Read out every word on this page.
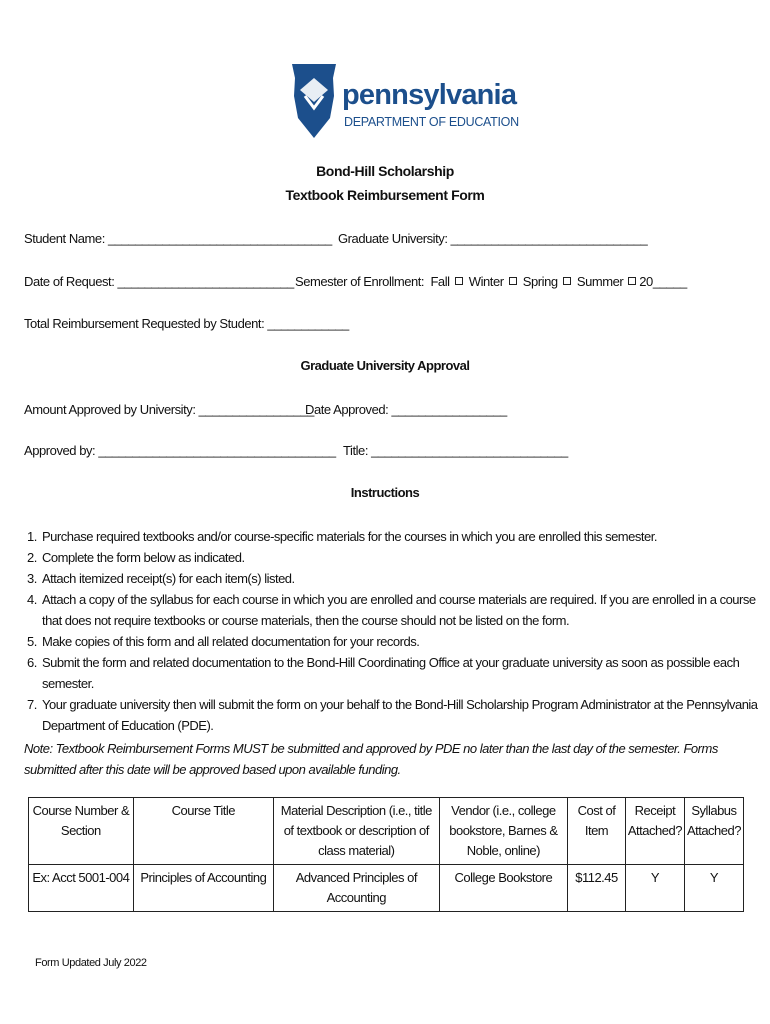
pennsylvania
DEPARTMENT OF EDUCATION
Bond-Hill Scholarship
Textbook Reimbursement Form
Student Name: _________________________________ Graduate University: _____________________________
Date of Request: __________________________ Semester of Enrollment: Fall Winter Spring Summer 20_____
Total Reimbursement Requested by Student: ____________
Graduate University Approval
Amount Approved by University: _________________
Date Approved: _________________
Approved by: ___________________________________ Title: _____________________________
Instructions
1. Purchase required textbooks and/or course-specific materials for the courses in which you are enrolled this semester.
2. Complete the form below as indicated.
3. Attach itemized receipt(s) for each item(s) listed.
4. Attach a copy of the syllabus for each course in which you are enrolled and course materials are required. If you are enrolled in a course that does not require textbooks or course materials, then the course should not be listed on the form.
5. Make copies of this form and all related documentation for your records.
6. Submit the form and related documentation to the Bond-Hill Coordinating Office at your graduate university as soon as possible each semester.
7. Your graduate university then will submit the form on your behalf to the Bond-Hill Scholarship Program Administrator at the Pennsylvania Department of Education (PDE).
Note: Textbook Reimbursement Forms MUST be submitted and approved by PDE no later than the last day of the semester. Forms submitted after this date will be approved based upon available funding.
Course Number & Section	Course Title	Material Description (i.e., title of textbook or description of class material)	Vendor (i.e., college bookstore, Barnes & Noble, online)	Cost of Item	Receipt Attached?	Syllabus Attached?
Ex: Acct 5001-004	Principles of Accounting	Advanced Principles of Accounting	College Bookstore	$112.45	Y	Y
Form Updated July 2022
